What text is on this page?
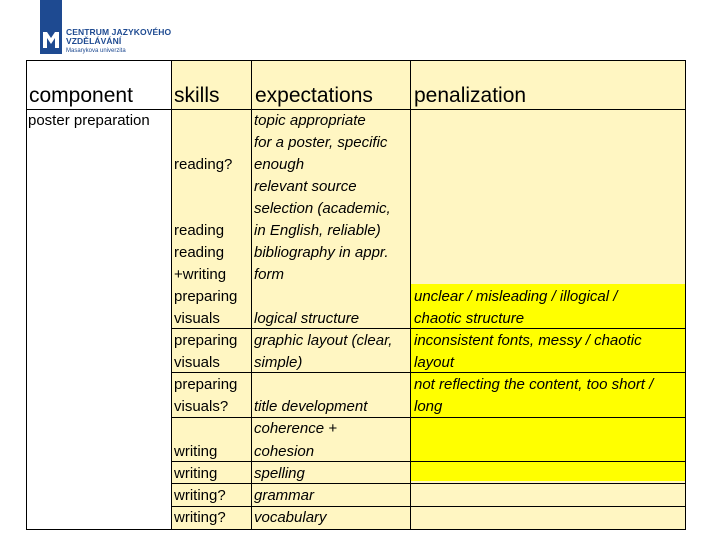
CENTRUM JAZYKOVÉHO
VZDĚLÁVÁNÍ
Masarykova univerzita
component skills expectations penalization
poster preparation
reading?
reading
reading
+writing
preparing
visuals
preparing
visuals
preparing
visuals?
writing
writing
writing?
writing?
topic appropriate
for a poster, specific
enough
relevant source
selection (academic,
in English, reliable)
bibliography in appr.
form
logical structure
graphic layout (clear,
simple)
title development
coherence +
cohesion
spelling
grammar
vocabulary
unclear / misleading / illogical /
chaotic structure
inconsistent fonts, messy / chaotic
layout
not reflecting the content, too short /
long
